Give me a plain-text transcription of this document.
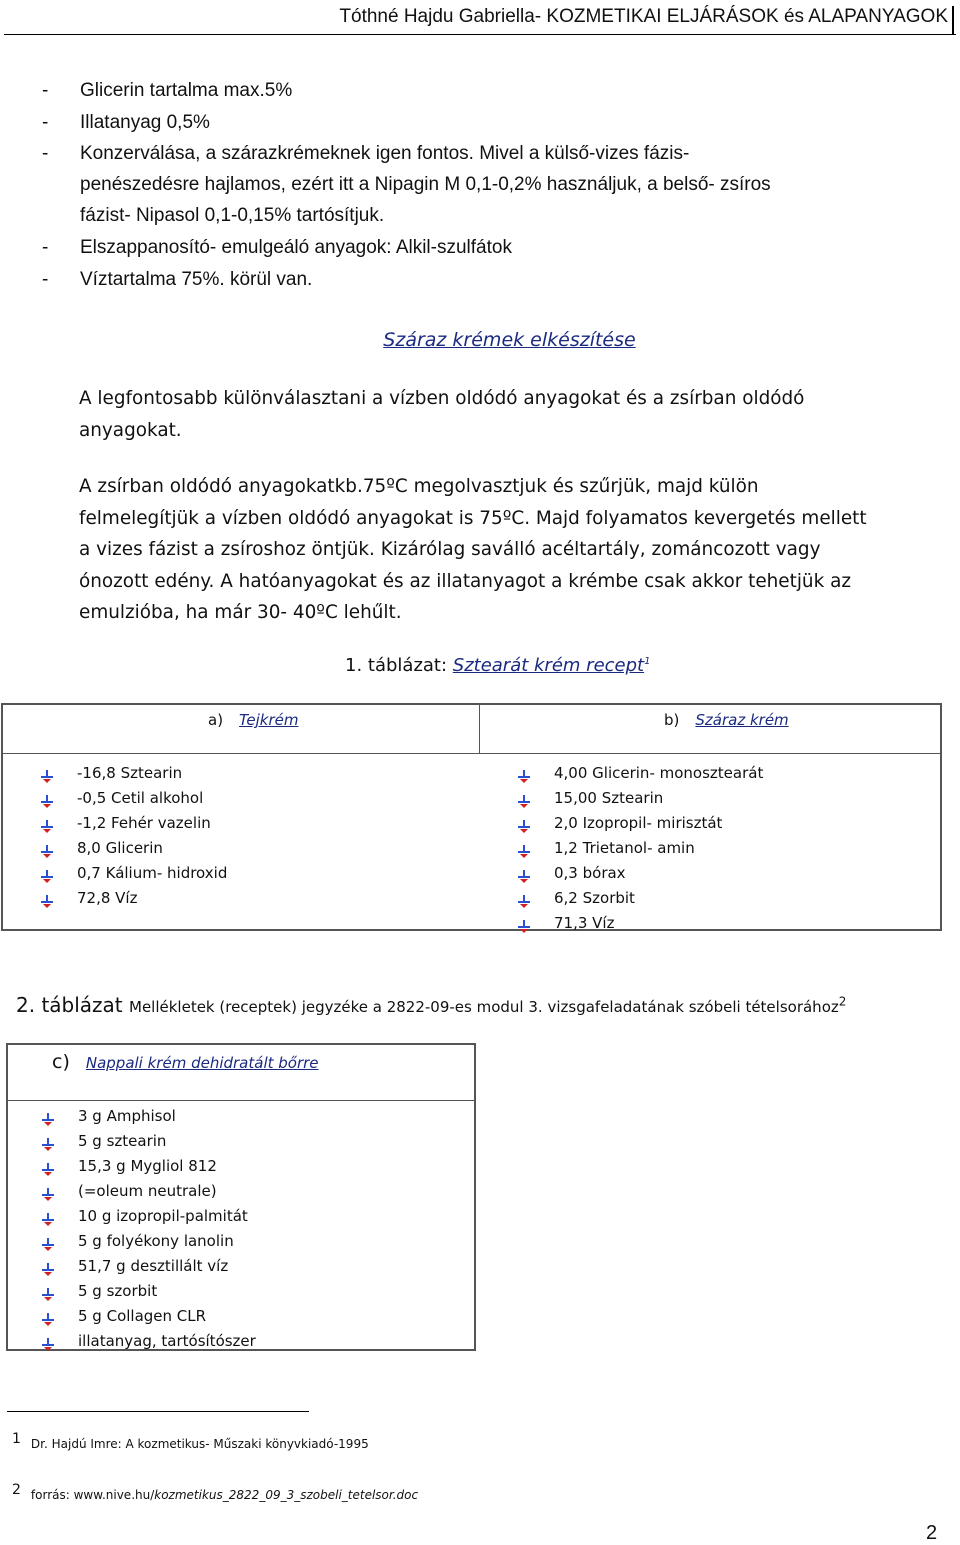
Tóthné Hajdu Gabriella- KOZMETIKAI ELJÁRÁSOK és ALAPANYAGOK
- Glicerin tartalma max.5%
- Illatanyag 0,5%
- Konzerválása, a szárazkrémeknek igen fontos. Mivel a külső-vizes fázis-
penészedésre hajlamos, ezért itt a Nipagin M 0,1-0,2% használjuk, a belső- zsíros
fázist- Nipasol 0,1-0,15% tartósítjuk.
- Elszappanosító- emulgeáló anyagok: Alkil-szulfátok
- Víztartalma 75%. körül van.
Száraz krémek elkészítése
A legfontosabb különválasztani a vízben oldódó anyagokat és a zsírban oldódó
anyagokat.
A zsírban oldódó anyagokatkb.75ºC megolvasztjuk és szűrjük, majd külön
felmelegítjük a vízben oldódó anyagokat is 75ºC. Majd folyamatos kevergetés mellett
a vizes fázist a zsíroshoz öntjük. Kizárólag saválló acéltartály, zománcozott vagy
ónozott edény. A hatóanyagokat és az illatanyagot a krémbe csak akkor tehetjük az
emulzióba, ha már 30- 40ºC lehűlt.
1. táblázat: Sztearát krém recept$^1$
a) Tejkrém	b) Száraz krém
-16,8 Sztearin
-0,5 Cetil alkohol
-1,2 Fehér vazelin
8,0 Glicerin
0,7 Kálium- hidroxid
72,8 Víz
4,00 Glicerin- monosztearát
15,00 Sztearin
2,0 Izopropil- mirisztát
1,2 Trietanol- amin
0,3 bórax
6,2 Szorbit
71,3 Víz
2. táblázat Mellékletek (receptek) jegyzéke a 2822-09-es modul 3. vizsgafeladatának szóbeli tételsorához$^2$
c) Nappali krém dehidratált bőrre
3 g Amphisol
5 g sztearin
15,3 g Mygliol 812
(=oleum neutrale)
10 g izopropil-palmitát
5 g folyékony lanolin
51,7 g desztillált víz
5 g szorbit
5 g Collagen CLR
illatanyag, tartósítószer
1 Dr. Hajdú Imre: A kozmetikus- Műszaki könyvkiadó-1995
2 forrás: www.nive.hu/kozmetikus_2822_09_3_szobeli_tetelsor.doc
2
